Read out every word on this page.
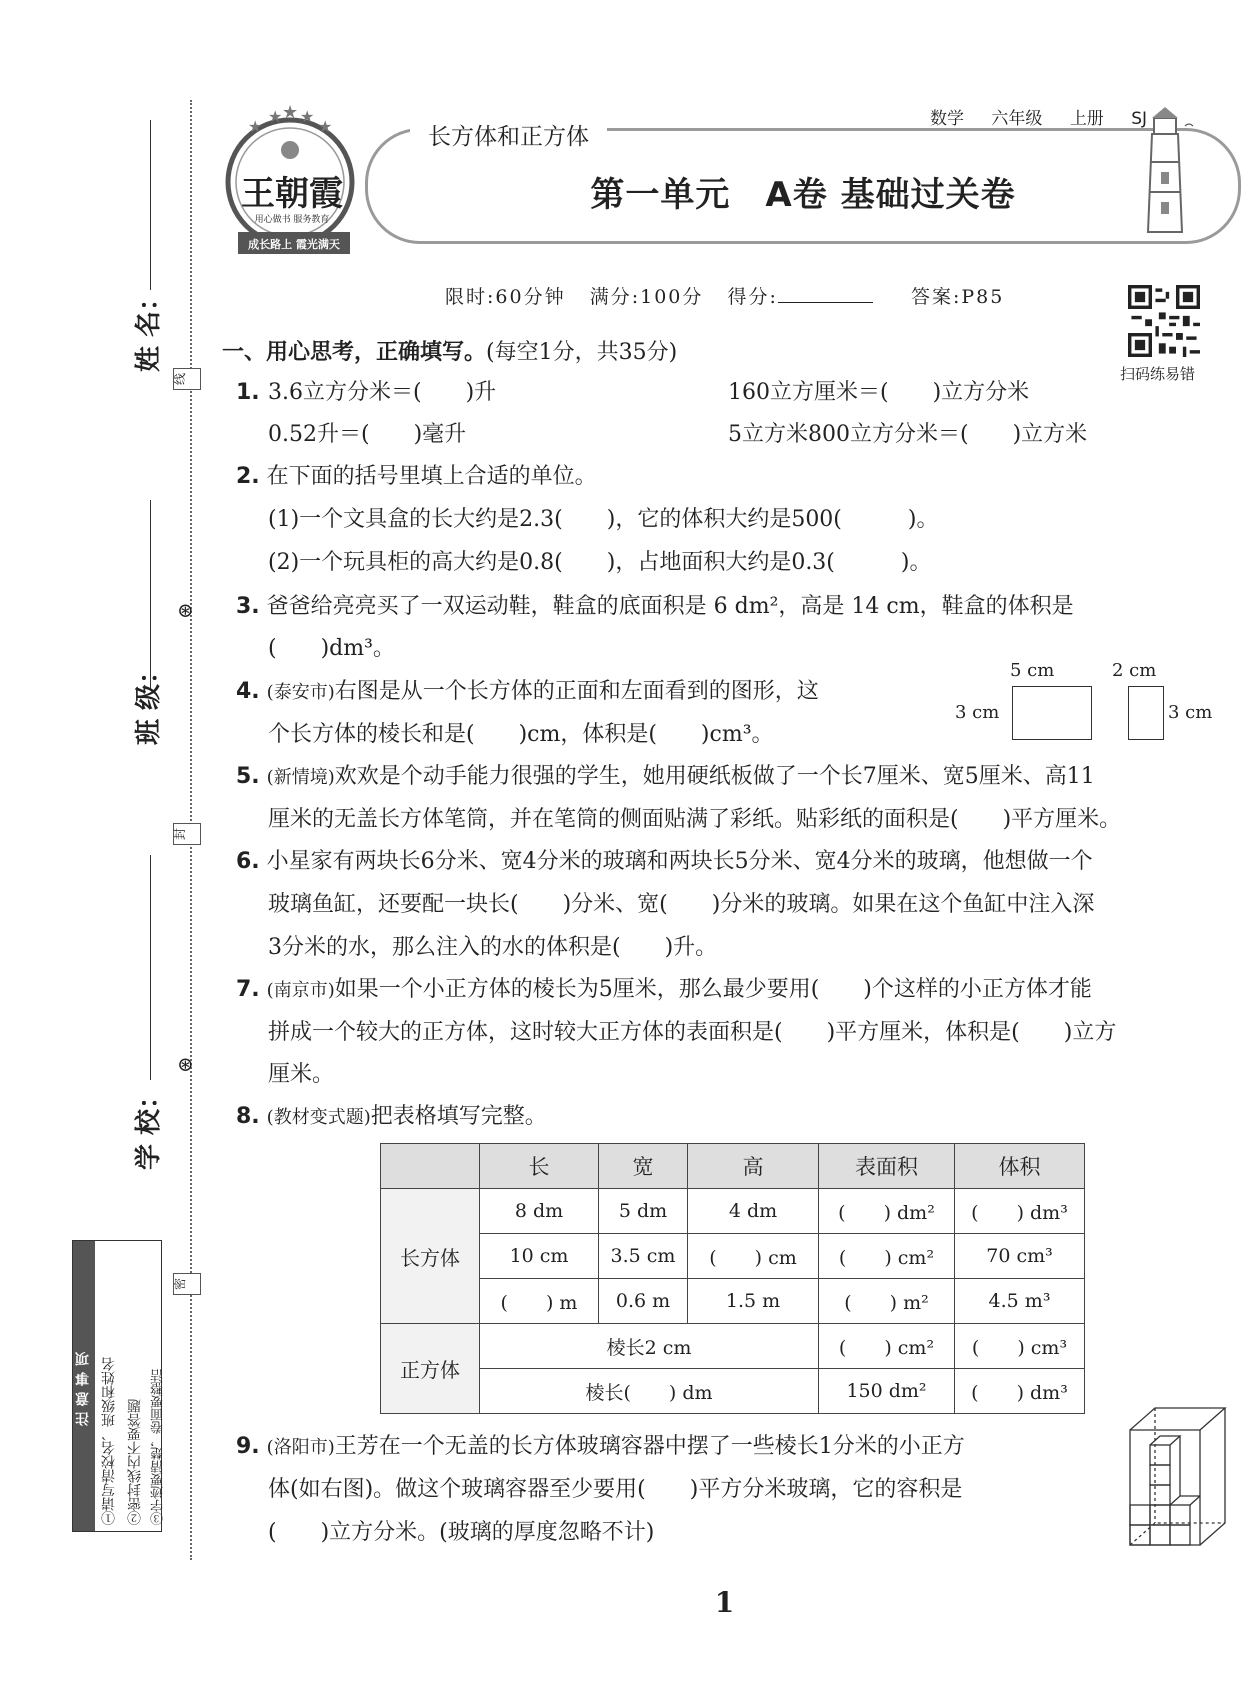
姓 名：
班 级：
学 校：
线
⊛
封
⊛
密
注意事项 ①请写清校名、班级和姓名 ②密封线内不要答题 ③字迹要清楚，卷面要整洁
第一单元　A卷 基础过关卷
长方体和正方体
数学 六年级 上册 SJ
★
★ ★ ★
★
王朝霞
用心做书 服务教育
成长路上 霞光满天
限时:60分钟 满分:100分 得分:	答案:P85
扫码练易错
一、用心思考，正确填写。(每空1分，共35分)
1. 3.6立方分米＝(　　)升	160立方厘米＝(　　)立方分米
0.52升＝(　　)毫升	5立方米800立方分米＝(　　)立方米
2. 在下面的括号里填上合适的单位。
(1)一个文具盒的长大约是2.3(　　)，它的体积大约是500(　　　)。
(2)一个玩具柜的高大约是0.8(　　)，占地面积大约是0.3(　　　)。
3. 爸爸给亮亮买了一双运动鞋，鞋盒的底面积是 6 dm²，高是 14 cm，鞋盒的体积是
(　　)dm³。
4. (泰安市)右图是从一个长方体的正面和左面看到的图形，这
个长方体的棱长和是(　　)cm，体积是(　　)cm³。
5 cm
3 cm
2 cm
3 cm
5. (新情境)欢欢是个动手能力很强的学生，她用硬纸板做了一个长7厘米、宽5厘米、高11
厘米的无盖长方体笔筒，并在笔筒的侧面贴满了彩纸。贴彩纸的面积是(　　)平方厘米。
6. 小星家有两块长6分米、宽4分米的玻璃和两块长5分米、宽4分米的玻璃，他想做一个
玻璃鱼缸，还要配一块长(　　)分米、宽(　　)分米的玻璃。如果在这个鱼缸中注入深
3分米的水，那么注入的水的体积是(　　)升。
7. (南京市)如果一个小正方体的棱长为5厘米，那么最少要用(　　)个这样的小正方体才能
拼成一个较大的正方体，这时较大正方体的表面积是(　　)平方厘米，体积是(　　)立方
厘米。
8. (教材变式题)把表格填写完整。
	长	宽	高	表面积	体积
长方体	8 dm	5 dm	4 dm	(　　) dm²	(　　) dm³
	10 cm	3.5 cm	(　　) cm	(　　) cm²	70 cm³
	(　　) m	0.6 m	1.5 m	(　　) m²	4.5 m³
正方体	棱长2 cm			(　　) cm²	(　　) cm³
	棱长(　　) dm			150 dm²	(　　) dm³
9. (洛阳市)王芳在一个无盖的长方体玻璃容器中摆了一些棱长1分米的小正方
体(如右图)。做这个玻璃容器至少要用(　　)平方分米玻璃，它的容积是
(　　)立方分米。(玻璃的厚度忽略不计)
1
